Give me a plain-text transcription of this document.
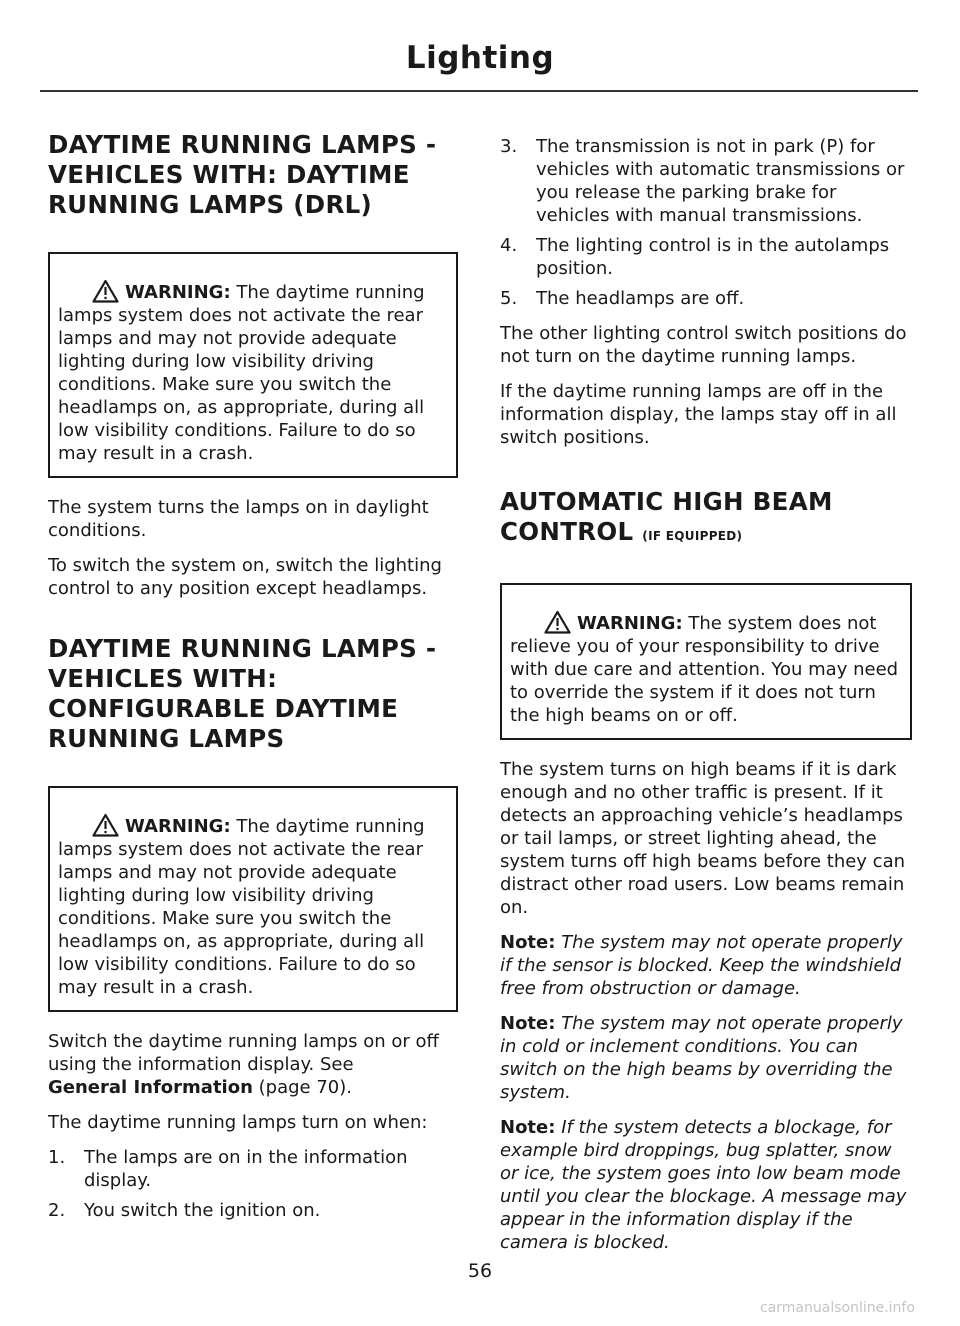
Lighting
DAYTIME RUNNING LAMPS -
VEHICLES WITH: DAYTIME
RUNNING LAMPS (DRL)
WARNING: The daytime running lamps system does not activate the rear lamps and may not provide adequate lighting during low visibility driving conditions. Make sure you switch the headlamps on, as appropriate, during all low visibility conditions. Failure to do so may result in a crash.

The system turns the lamps on in daylight conditions.

To switch the system on, switch the lighting control to any position except headlamps.

DAYTIME RUNNING LAMPS -
VEHICLES WITH:
CONFIGURABLE DAYTIME
RUNNING LAMPS
WARNING: The daytime running lamps system does not activate the rear lamps and may not provide adequate lighting during low visibility driving conditions. Make sure you switch the headlamps on, as appropriate, during all low visibility conditions. Failure to do so may result in a crash.

Switch the daytime running lamps on or off using the information display. See
General Information (page 70).

The daytime running lamps turn on when:

1. The lamps are on in the information display.
2. You switch the ignition on.
3. The transmission is not in park (P) for vehicles with automatic transmissions or you release the parking brake for vehicles with manual transmissions.
4. The lighting control is in the autolamps position.
5. The headlamps are off.

The other lighting control switch positions do not turn on the daytime running lamps.

If the daytime running lamps are off in the information display, the lamps stay off in all switch positions.

AUTOMATIC HIGH BEAM
CONTROL (IF EQUIPPED)
WARNING: The system does not relieve you of your responsibility to drive with due care and attention. You may need to override the system if it does not turn the high beams on or off.

The system turns on high beams if it is dark enough and no other traffic is present. If it detects an approaching vehicle’s headlamps or tail lamps, or street lighting ahead, the system turns off high beams before they can distract other road users. Low beams remain on.

Note: The system may not operate properly if the sensor is blocked. Keep the windshield free from obstruction or damage.

Note: The system may not operate properly in cold or inclement conditions. You can switch on the high beams by overriding the system.

Note: If the system detects a blockage, for example bird droppings, bug splatter, snow or ice, the system goes into low beam mode until you clear the blockage. A message may appear in the information display if the camera is blocked.

56
carmanualsonline.info
